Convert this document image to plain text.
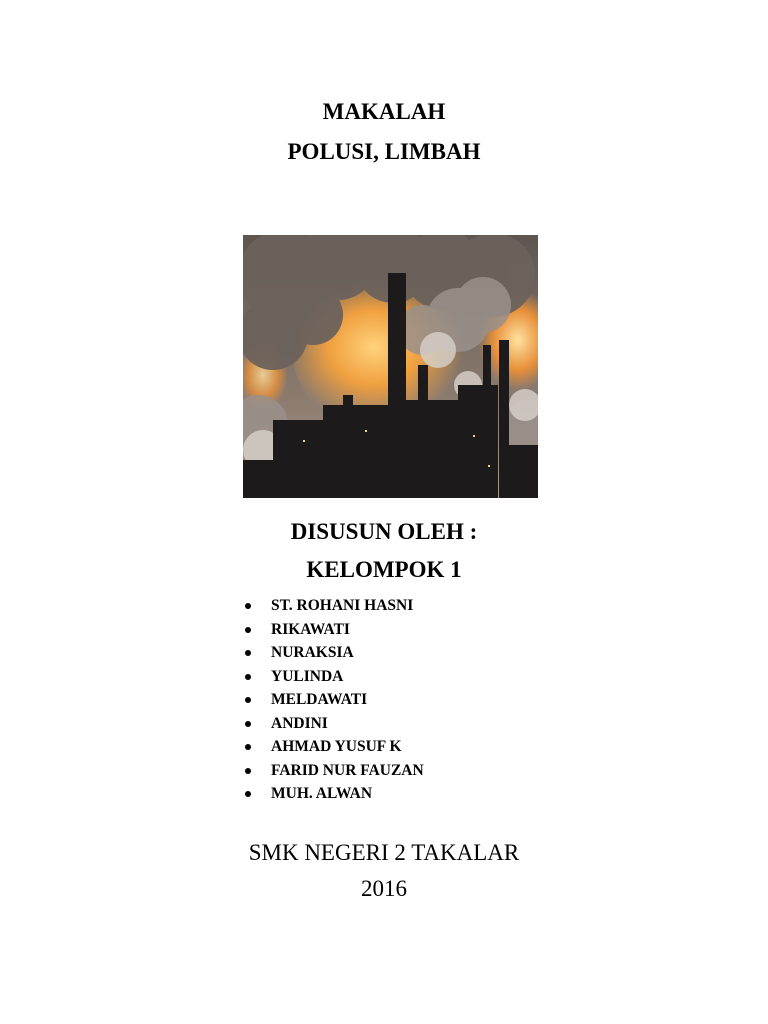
MAKALAH
POLUSI, LIMBAH
DISUSUN OLEH :
KELOMPOK 1
ST. ROHANI HASNI
RIKAWATI
NURAKSIA
YULINDA
MELDAWATI
ANDINI
AHMAD YUSUF K
FARID NUR FAUZAN
MUH. ALWAN
SMK NEGERI 2 TAKALAR
2016
